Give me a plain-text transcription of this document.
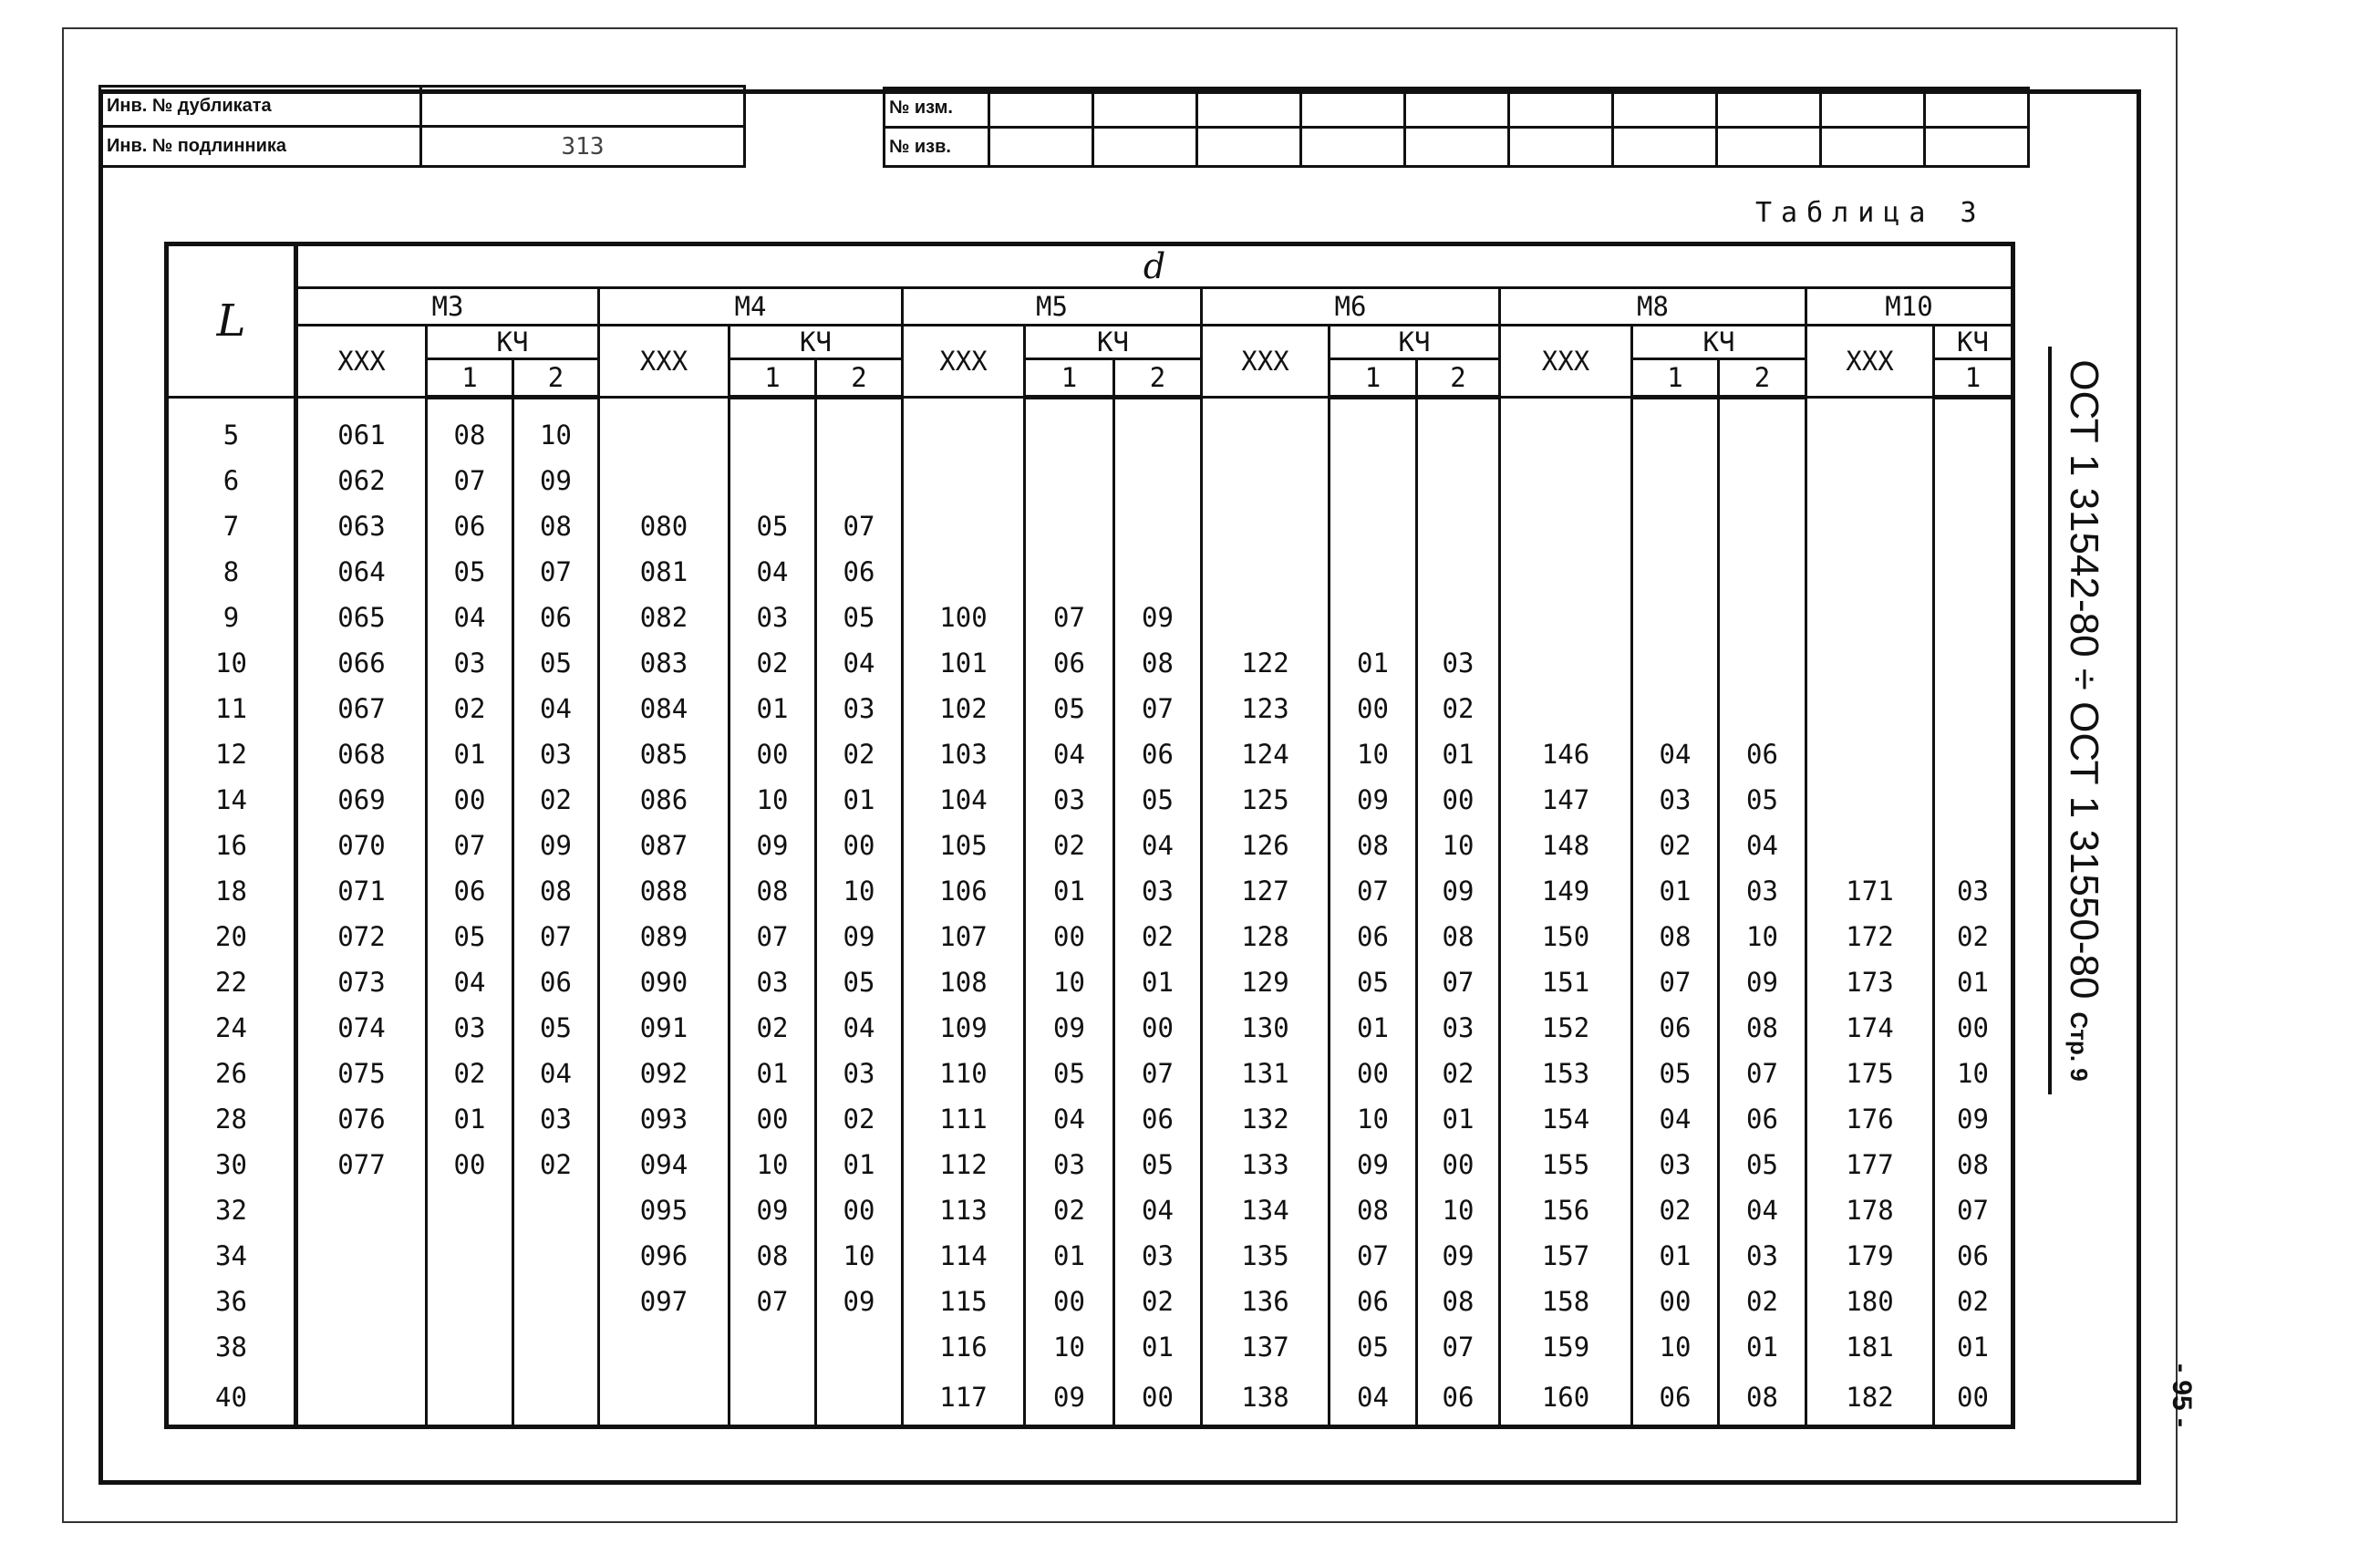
Инв. № дубликата	
Инв. № подлинника	313
№ изм.										
№ изв.										
Таблица 3
L	d																
	М3			М4			М5			М6			М8			М10	
	XXX	КЧ		XXX	КЧ		XXX	КЧ		XXX	КЧ		XXX	КЧ		XXX	КЧ
		1	2		1	2		1	2		1	2		1	2		1
5	061	08	10														
6	062	07	09														
7	063	06	08	080	05	07											
8	064	05	07	081	04	06											
9	065	04	06	082	03	05	100	07	09								
10	066	03	05	083	02	04	101	06	08	122	01	03					
11	067	02	04	084	01	03	102	05	07	123	00	02					
12	068	01	03	085	00	02	103	04	06	124	10	01	146	04	06		
14	069	00	02	086	10	01	104	03	05	125	09	00	147	03	05		
16	070	07	09	087	09	00	105	02	04	126	08	10	148	02	04		
18	071	06	08	088	08	10	106	01	03	127	07	09	149	01	03	171	03
20	072	05	07	089	07	09	107	00	02	128	06	08	150	08	10	172	02
22	073	04	06	090	03	05	108	10	01	129	05	07	151	07	09	173	01
24	074	03	05	091	02	04	109	09	00	130	01	03	152	06	08	174	00
26	075	02	04	092	01	03	110	05	07	131	00	02	153	05	07	175	10
28	076	01	03	093	00	02	111	04	06	132	10	01	154	04	06	176	09
30	077	00	02	094	10	01	112	03	05	133	09	00	155	03	05	177	08
32				095	09	00	113	02	04	134	08	10	156	02	04	178	07
34				096	08	10	114	01	03	135	07	09	157	01	03	179	06
36				097	07	09	115	00	02	136	06	08	158	00	02	180	02
38							116	10	01	137	05	07	159	10	01	181	01
40							117	09	00	138	04	06	160	06	08	182	00
ОСТ 1 31542-80 ÷ ОСТ 1 31550-80
Стр. 9
- 95 -
